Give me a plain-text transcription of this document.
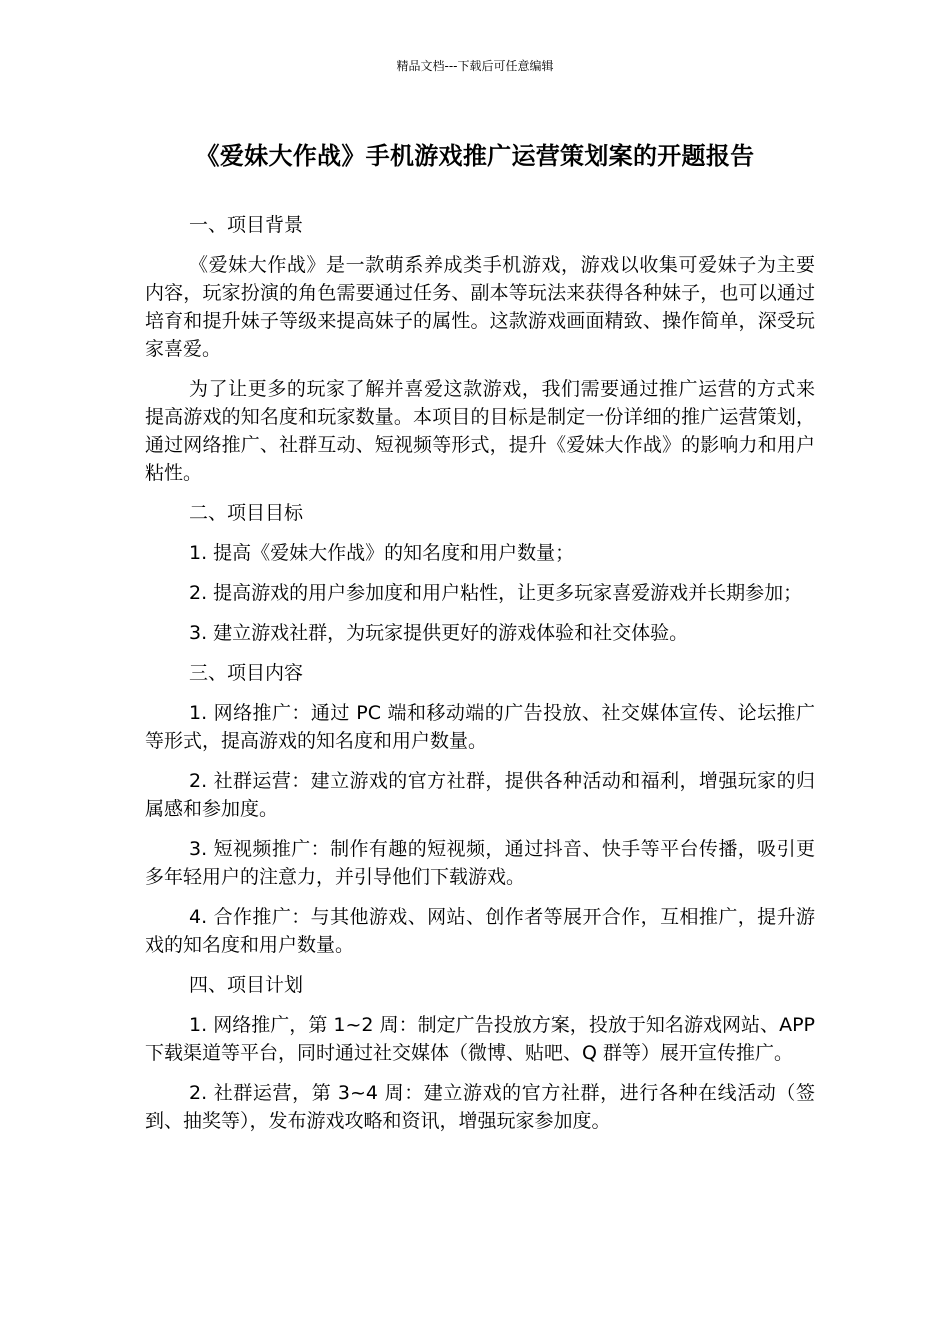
精品文档---下载后可任意编辑
《爱妹大作战》手机游戏推广运营策划案的开题报告
一、项目背景

《爱妹大作战》是一款萌系养成类手机游戏，游戏以收集可爱妹子为主要内容，玩家扮演的角色需要通过任务、副本等玩法来获得各种妹子，也可以通过培育和提升妹子等级来提高妹子的属性。这款游戏画面精致、操作简单，深受玩家喜爱。

为了让更多的玩家了解并喜爱这款游戏，我们需要通过推广运营的方式来提高游戏的知名度和玩家数量。本项目的目标是制定一份详细的推广运营策划，通过网络推广、社群互动、短视频等形式，提升《爱妹大作战》的影响力和用户粘性。

二、项目目标

1. 提高《爱妹大作战》的知名度和用户数量；

2. 提高游戏的用户参加度和用户粘性，让更多玩家喜爱游戏并长期参加；

3. 建立游戏社群，为玩家提供更好的游戏体验和社交体验。

三、项目内容

1. 网络推广：通过 PC 端和移动端的广告投放、社交媒体宣传、论坛推广等形式，提高游戏的知名度和用户数量。

2. 社群运营：建立游戏的官方社群，提供各种活动和福利，增强玩家的归属感和参加度。

3. 短视频推广：制作有趣的短视频，通过抖音、快手等平台传播，吸引更多年轻用户的注意力，并引导他们下载游戏。

4. 合作推广：与其他游戏、网站、创作者等展开合作，互相推广，提升游戏的知名度和用户数量。

四、项目计划

1. 网络推广，第 1~2 周：制定广告投放方案，投放于知名游戏网站、APP 下载渠道等平台，同时通过社交媒体（微博、贴吧、Q 群等）展开宣传推广。

2. 社群运营，第 3~4 周：建立游戏的官方社群，进行各种在线活动（签到、抽奖等），发布游戏攻略和资讯，增强玩家参加度。
